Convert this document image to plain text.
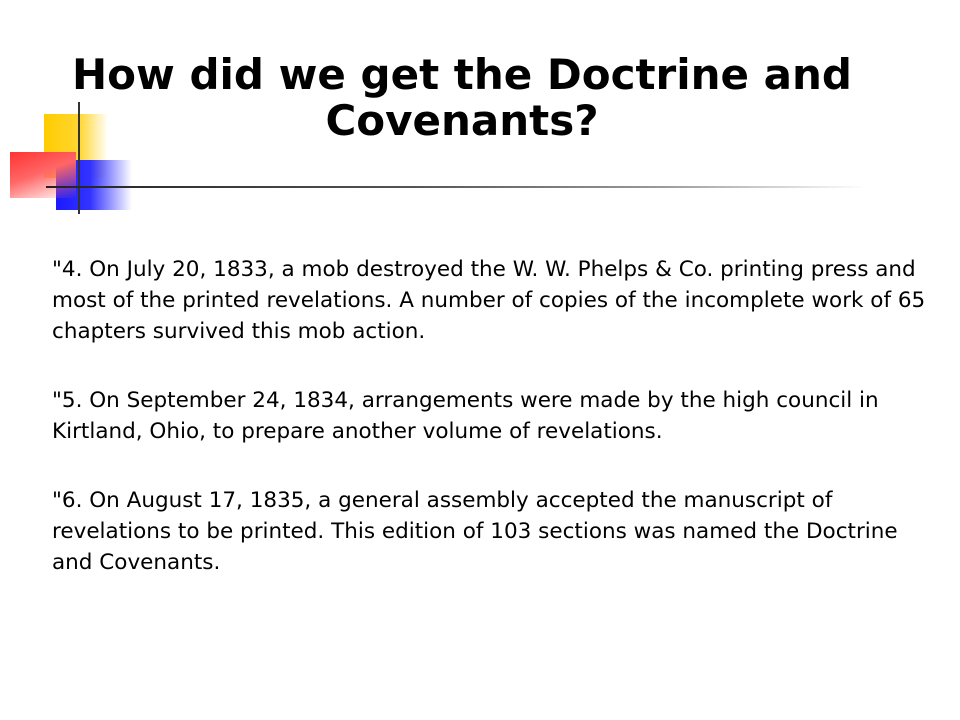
How did we get the Doctrine and Covenants?

"4. On July 20, 1833, a mob destroyed the W. W. Phelps & Co. printing press and most of the printed revelations. A number of copies of the incomplete work of 65 chapters survived this mob action.

"5. On September 24, 1834, arrangements were made by the high council in Kirtland, Ohio, to prepare another volume of revelations.

"6. On August 17, 1835, a general assembly accepted the manuscript of revelations to be printed. This edition of 103 sections was named the Doctrine and Covenants.
